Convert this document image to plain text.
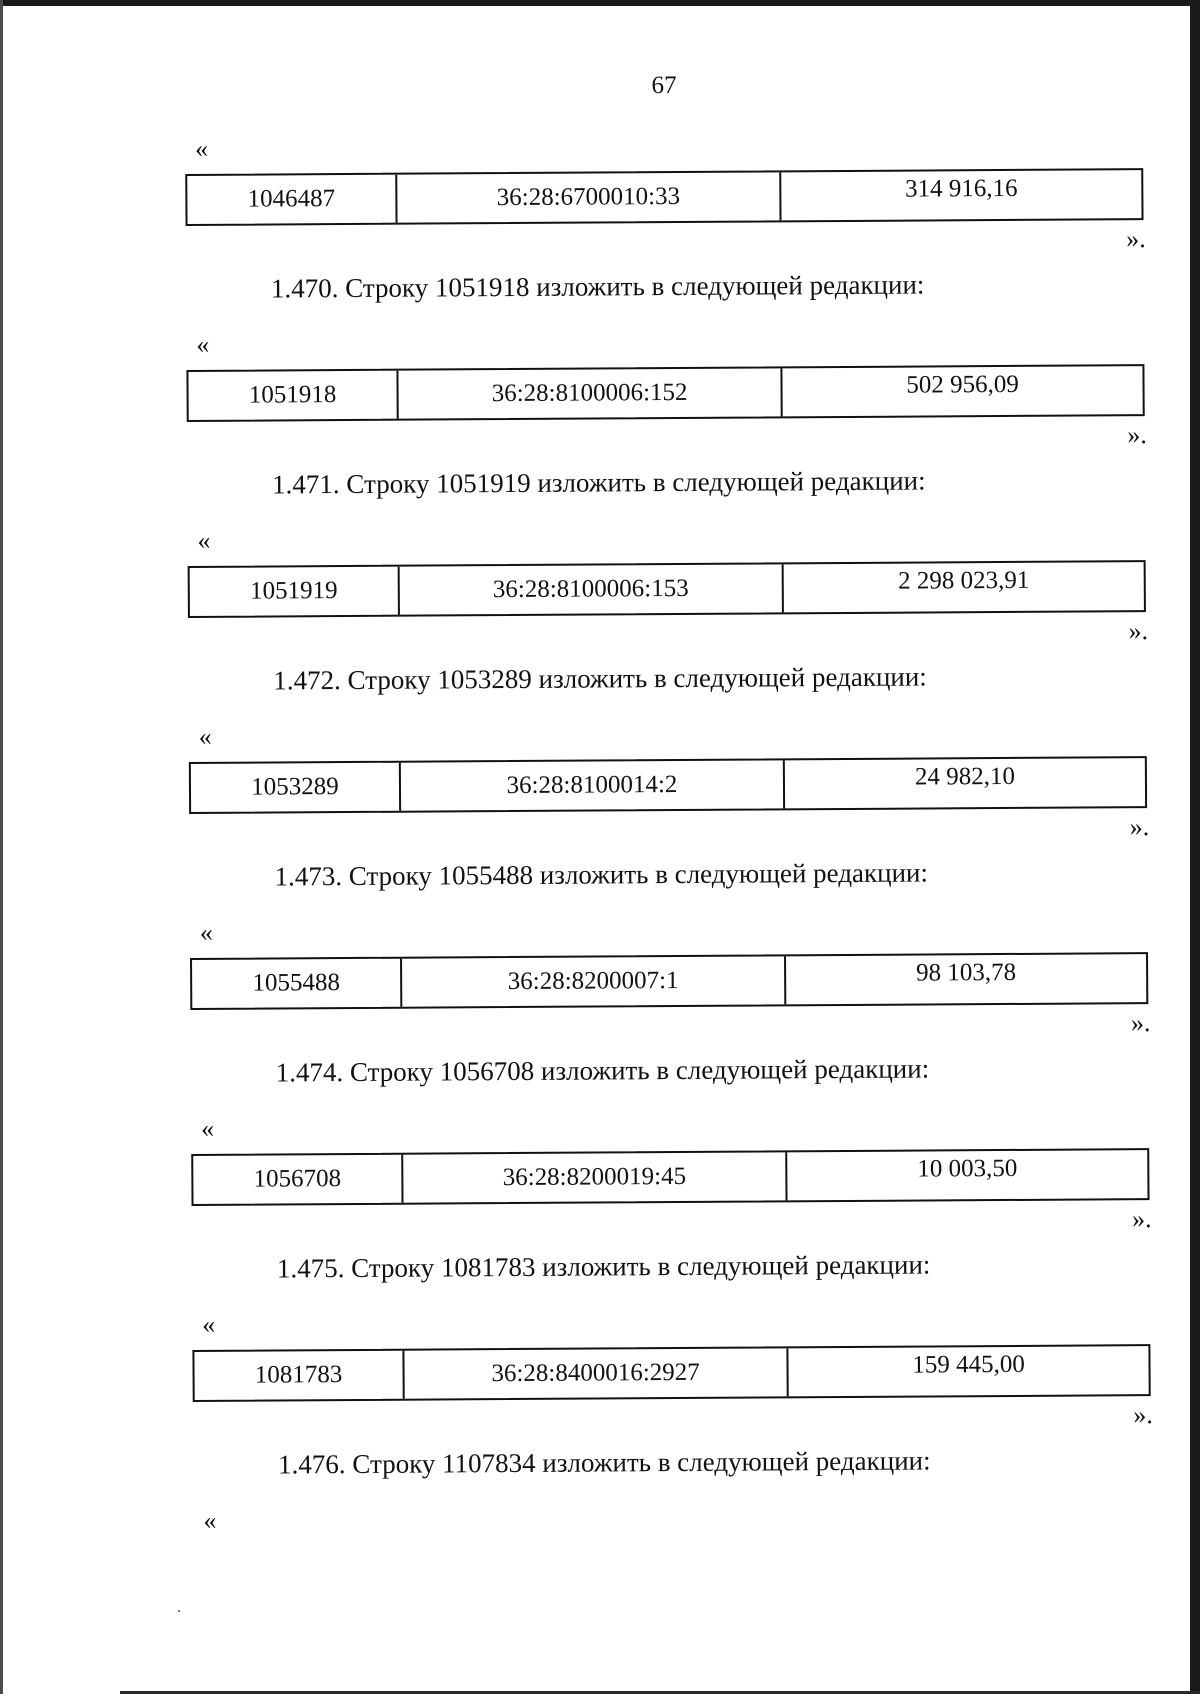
67
«
1046487	36:28:6700010:33	314 916,16
».
1.470. Строку 1051918 изложить в следующей редакции:
«
1051918	36:28:8100006:152	502 956,09
».
1.471. Строку 1051919 изложить в следующей редакции:
«
1051919	36:28:8100006:153	2 298 023,91
».
1.472. Строку 1053289 изложить в следующей редакции:
«
1053289	36:28:8100014:2	24 982,10
».
1.473. Строку 1055488 изложить в следующей редакции:
«
1055488	36:28:8200007:1	98 103,78
».
1.474. Строку 1056708 изложить в следующей редакции:
«
1056708	36:28:8200019:45	10 003,50
».
1.475. Строку 1081783 изложить в следующей редакции:
«
1081783	36:28:8400016:2927	159 445,00
».
1.476. Строку 1107834 изложить в следующей редакции:
«
